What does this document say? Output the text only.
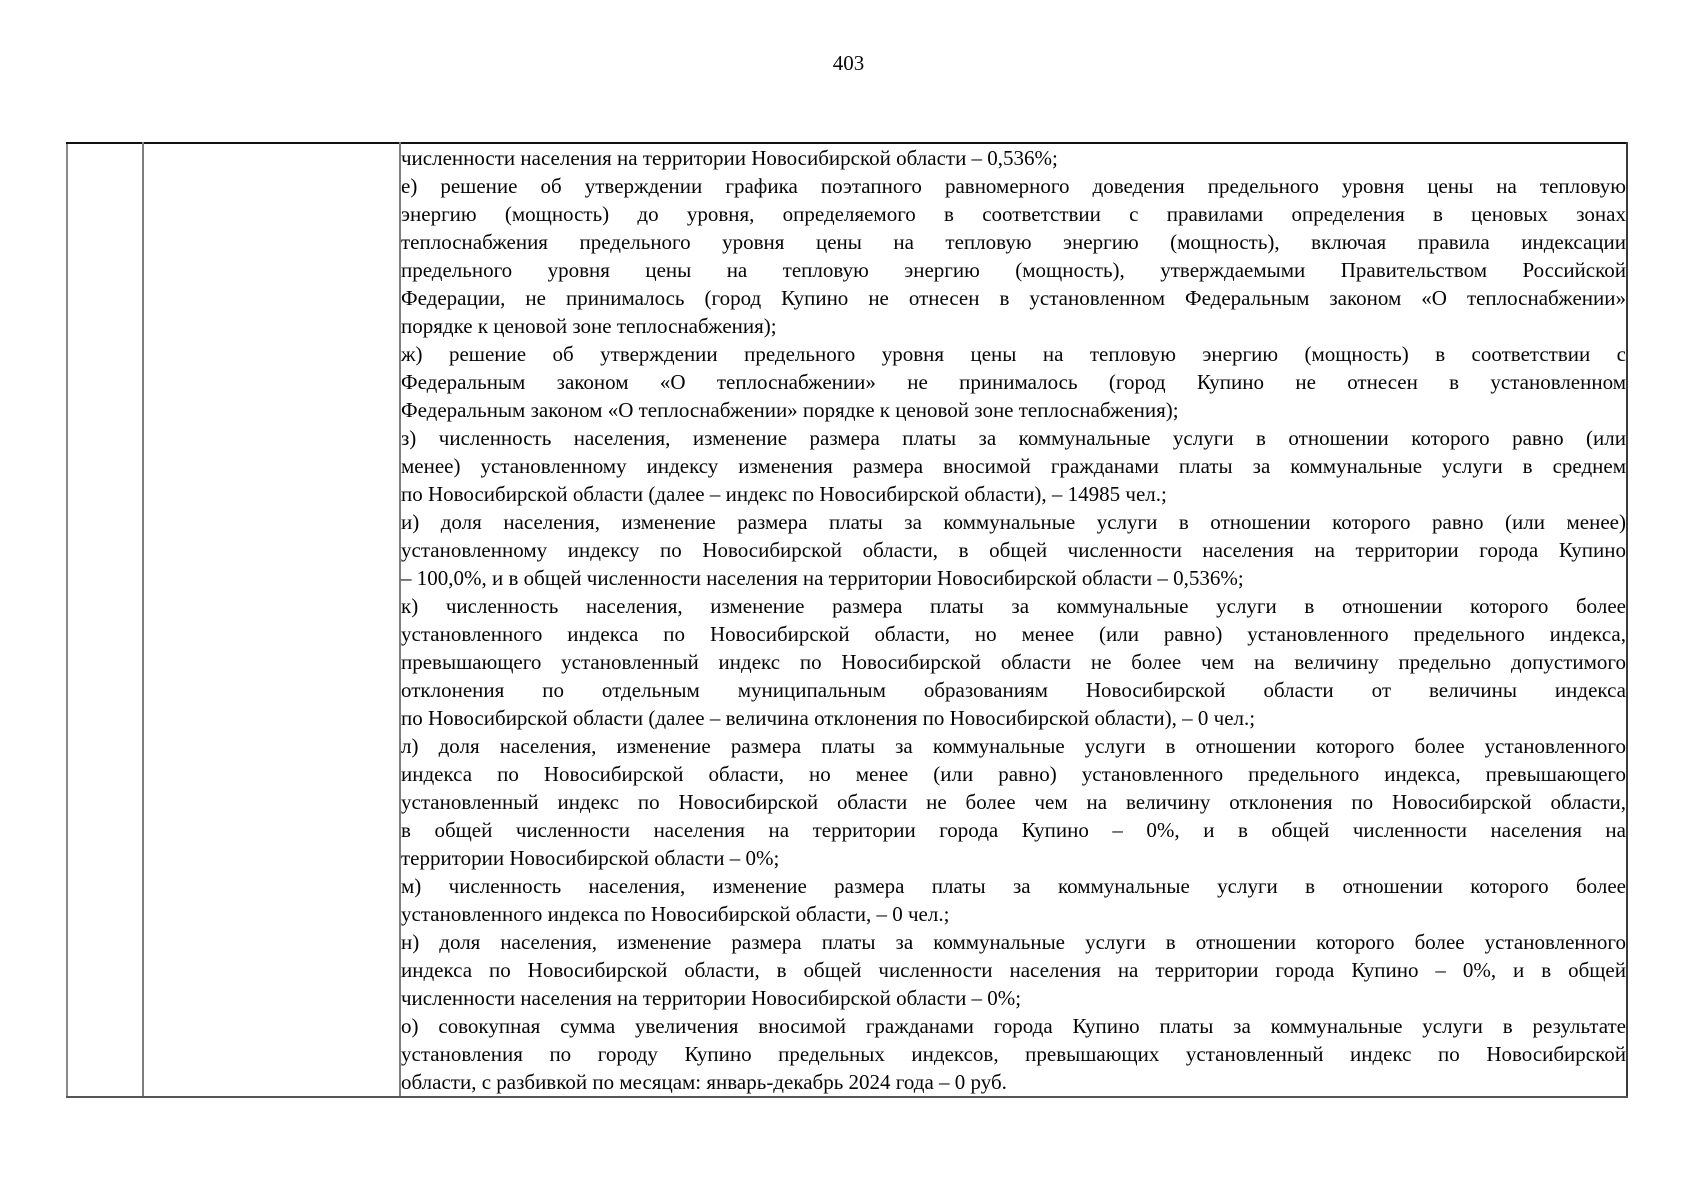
403

численности населения на территории Новосибирской области – 0,536%;
е) решение об утверждении графика поэтапного равномерного доведения предельного уровня цены на тепловую
энергию (мощность) до уровня, определяемого в соответствии с правилами определения в ценовых зонах
теплоснабжения предельного уровня цены на тепловую энергию (мощность), включая правила индексации
предельного уровня цены на тепловую энергию (мощность), утверждаемыми Правительством Российской
Федерации, не принималось (город Купино не отнесен в установленном Федеральным законом «О теплоснабжении»
порядке к ценовой зоне теплоснабжения);
ж) решение об утверждении предельного уровня цены на тепловую энергию (мощность) в соответствии с
Федеральным законом «О теплоснабжении» не принималось (город Купино не отнесен в установленном
Федеральным законом «О теплоснабжении» порядке к ценовой зоне теплоснабжения);
з) численность населения, изменение размера платы за коммунальные услуги в отношении которого равно (или
менее) установленному индексу изменения размера вносимой гражданами платы за коммунальные услуги в среднем
по Новосибирской области (далее – индекс по Новосибирской области), – 14985 чел.;
и) доля населения, изменение размера платы за коммунальные услуги в отношении которого равно (или менее)
установленному индексу по Новосибирской области, в общей численности населения на территории города Купино
– 100,0%, и в общей численности населения на территории Новосибирской области – 0,536%;
к) численность населения, изменение размера платы за коммунальные услуги в отношении которого более
установленного индекса по Новосибирской области, но менее (или равно) установленного предельного индекса,
превышающего установленный индекс по Новосибирской области не более чем на величину предельно допустимого
отклонения по отдельным муниципальным образованиям Новосибирской области от величины индекса
по Новосибирской области (далее – величина отклонения по Новосибирской области), – 0 чел.;
л) доля населения, изменение размера платы за коммунальные услуги в отношении которого более установленного
индекса по Новосибирской области, но менее (или равно) установленного предельного индекса, превышающего
установленный индекс по Новосибирской области не более чем на величину отклонения по Новосибирской области,
в общей численности населения на территории города Купино – 0%, и в общей численности населения на
территории Новосибирской области – 0%;
м) численность населения, изменение размера платы за коммунальные услуги в отношении которого более
установленного индекса по Новосибирской области, – 0 чел.;
н) доля населения, изменение размера платы за коммунальные услуги в отношении которого более установленного
индекса по Новосибирской области, в общей численности населения на территории города Купино – 0%, и в общей
численности населения на территории Новосибирской области – 0%;
о) совокупная сумма увеличения вносимой гражданами города Купино платы за коммунальные услуги в результате
установления по городу Купино предельных индексов, превышающих установленный индекс по Новосибирской
области, с разбивкой по месяцам: январь-декабрь 2024 года – 0 руб.
